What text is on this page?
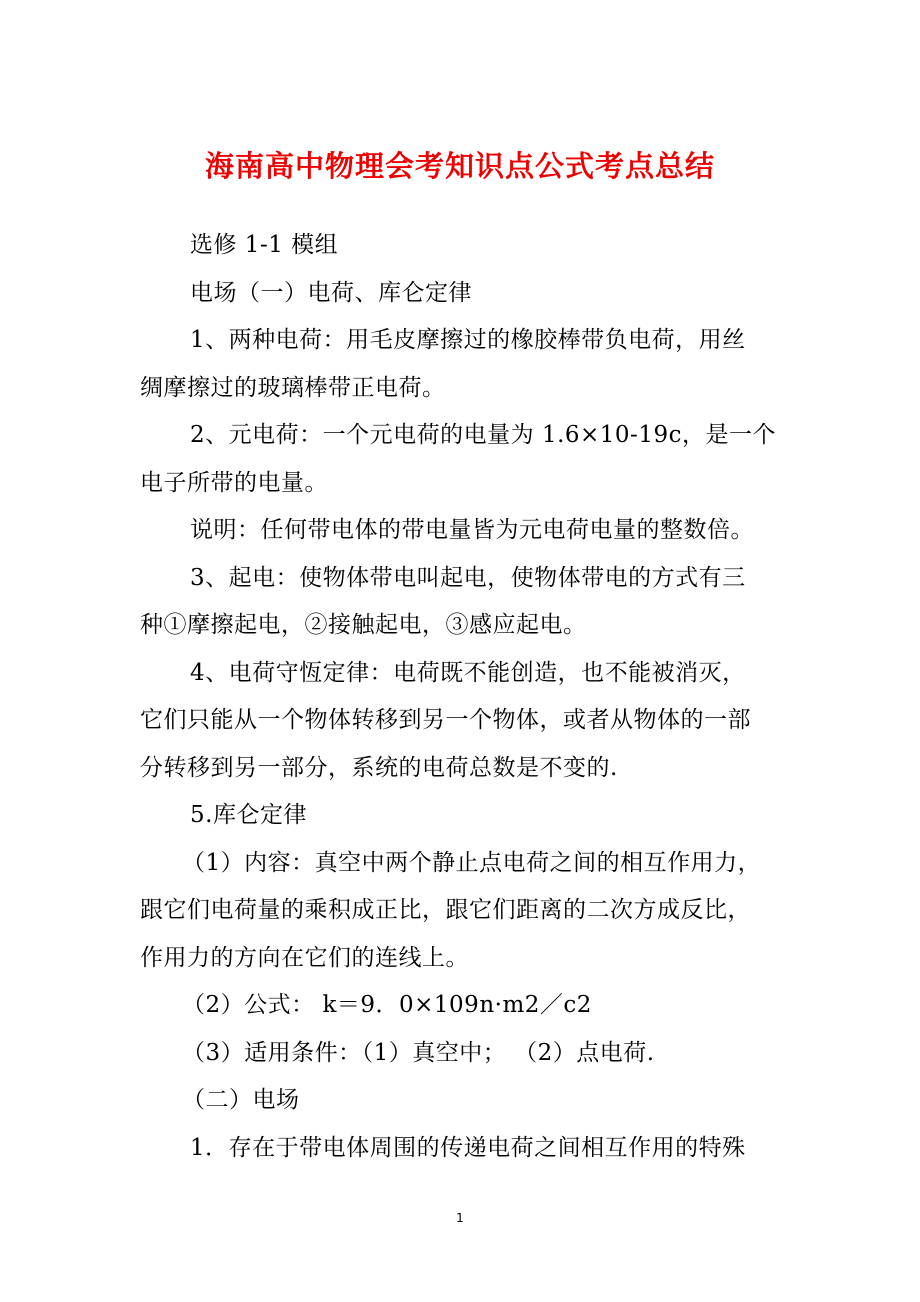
海南高中物理会考知识点公式考点总结

选修 1-1 模组

电场（一）电荷、库仑定律

1、两种电荷：用毛皮摩擦过的橡胶棒带负电荷，用丝

绸摩擦过的玻璃棒带正电荷。

2、元电荷：一个元电荷的电量为 1.6×10-19c，是一个

电子所带的电量。

说明：任何带电体的带电量皆为元电荷电量的整数倍。

3、起电：使物体带电叫起电，使物体带电的方式有三

种①摩擦起电，②接触起电，③感应起电。

4、电荷守恆定律：电荷既不能创造，也不能被消灭，

它们只能从一个物体转移到另一个物体，或者从物体的一部

分转移到另一部分，系统的电荷总数是不变的.

5.库仑定律

（1）内容：真空中两个静止点电荷之间的相互作用力，

跟它们电荷量的乘积成正比，跟它们距离的二次方成反比，

作用力的方向在它们的连线上。

（2）公式： k＝9．0×109n·m2／c2

（3）适用条件：（1）真空中； （2）点电荷.

（二）电场

1．存在于带电体周围的传递电荷之间相互作用的特殊

1
